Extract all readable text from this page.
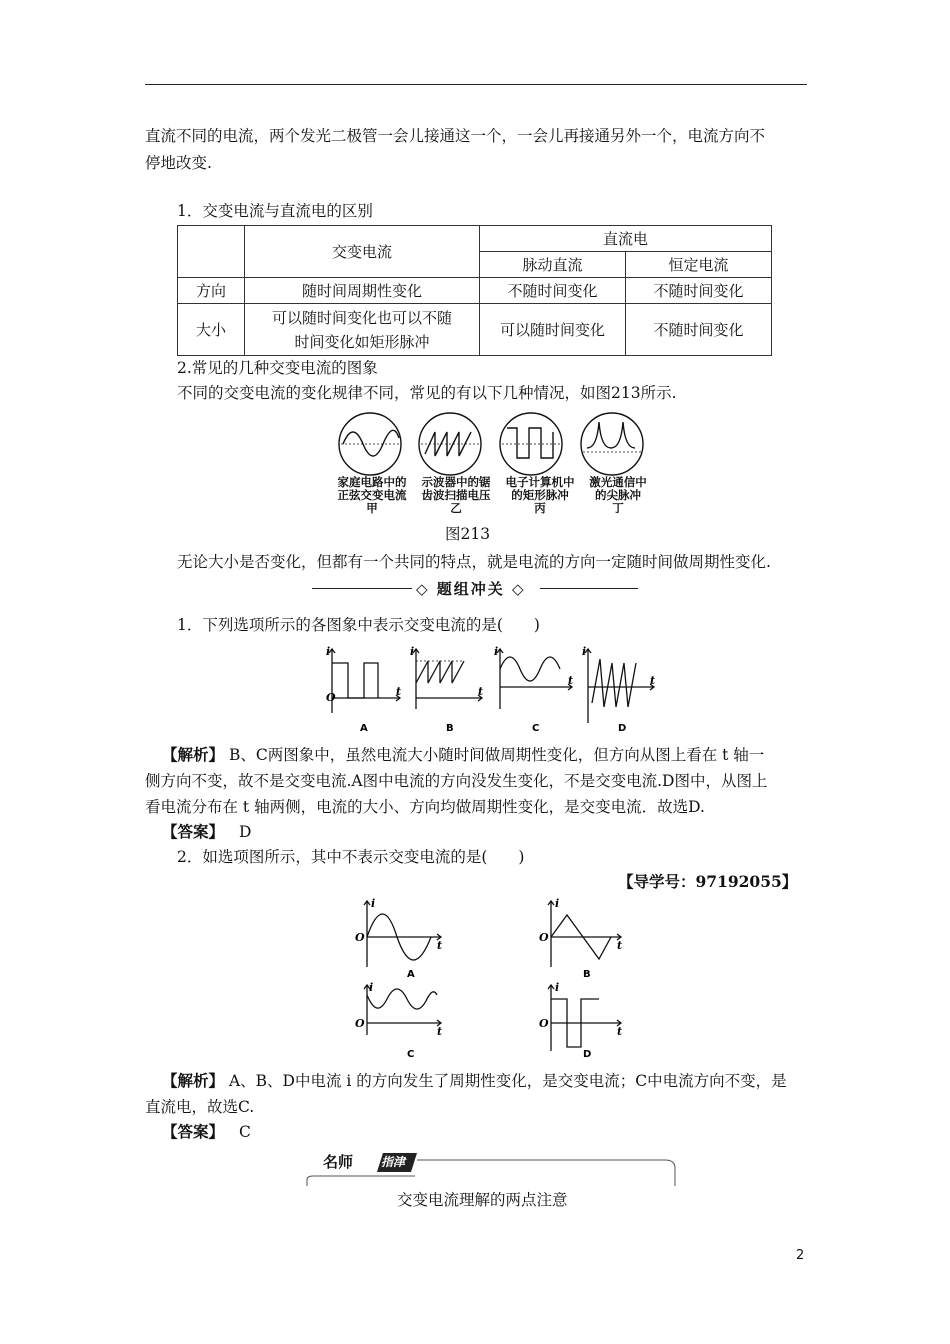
直流不同的电流，两个发光二极管一会儿接通这一个，一会儿再接通另外一个，电流方向不
停地改变.
1．交变电流与直流电的区别
	交变电流	直流电	
		脉动直流	恒定电流
方向	随时间周期性变化	不随时间变化	不随时间变化
大小	可以随时间变化也可以不随
时间变化如矩形脉冲	可以随时间变化	不随时间变化
2.常见的几种交变电流的图象
不同的交变电流的变化规律不同，常见的有以下几种情况，如图213所示.
家庭电路中的
正弦交变电流
甲
示波器中的锯
齿波扫描电压
乙
电子计算机中
的矩形脉冲
丙
激光通信中
的尖脉冲
丁
图213
无论大小是否变化，但都有一个共同的特点，就是电流的方向一定随时间做周期性变化.
◇ 题组冲关 ◇
1．下列选项所示的各图象中表示交变电流的是(　　)
O
i
t
i
t
i
t
i
t
A	B	C	D
【解析】 B、C两图象中，虽然电流大小随时间做周期性变化，但方向从图上看在 t 轴一
侧方向不变，故不是交变电流.A图中电流的方向没发生变化，不是交变电流.D图中，从图上
看电流分布在 t 轴两侧，电流的大小、方向均做周期性变化，是交变电流．故选D.
【答案】 D
2．如选项图所示，其中不表示交变电流的是(　　)
【导学号：97192055】
O
i
t
O
i
t
O
i
t
O
i
t
A	B
C	D
【解析】 A、B、D中电流 i 的方向发生了周期性变化，是交变电流；C中电流方向不变，是
直流电，故选C.
【答案】 C
名师 指津
交变电流理解的两点注意
2
